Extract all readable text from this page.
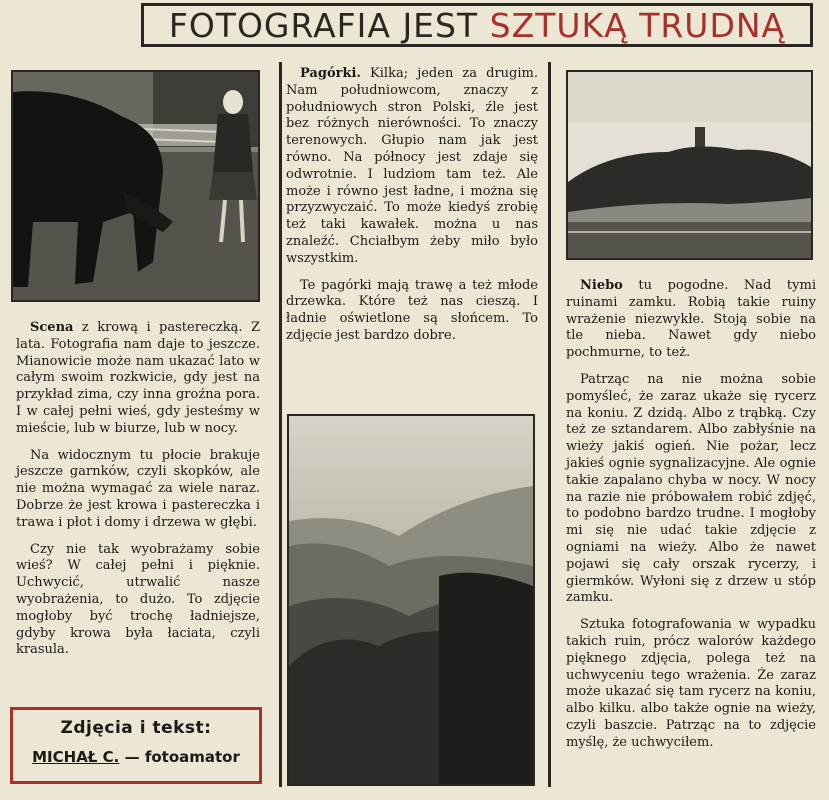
FOTOGRAFIA JEST SZTUKĄ TRUDNĄ

Scena z krową i pastereczką. Z lata. Fotografia nam daje to jeszcze. Mianowicie może nam ukazać lato w całym swoim rozkwicie, gdy jest na przykład zima, czy inna groźna pora. I w całej pełni wieś, gdy jesteśmy w mieście, lub w biurze, lub w nocy.

Na widocznym tu płocie brakuje jeszcze garnków, czyli skopków, ale nie można wymagać za wiele naraz. Dobrze że jest krowa i pastereczka i trawa i płot i domy i drzewa w głębi.

Czy nie tak wyobrażamy sobie wieś? W całej pełni i pięknie. Uchwycić, utrwalić nasze wyobrażenia, to dużo. To zdjęcie mogłoby być trochę ładniejsze, gdyby krowa była łaciata, czyli krasula.

Zdjęcia i tekst:
MICHAŁ C. — fotoamator

Pagórki. Kilka; jeden za drugim. Nam południowcom, znaczy z południowych stron Polski, źle jest bez różnych nierówności. To znaczy terenowych. Głupio nam jak jest równo. Na północy jest zdaje się odwrotnie. I ludziom tam też. Ale może i równo jest ładne, i można się przyzwyczaić. To może kiedyś zrobię też taki kawałek. można u nas znaleźć. Chciałbym żeby miło było wszystkim.

Te pagórki mają trawę a też młode drzewka. Które też nas cieszą. I ładnie oświetlone są słońcem. To zdjęcie jest bardzo dobre.

Niebo tu pogodne. Nad tymi ruinami zamku. Robią takie ruiny wrażenie niezwykłe. Stoją sobie na tle nieba. Nawet gdy niebo pochmurne, to też.

Patrząc na nie można sobie pomyśleć, że zaraz ukaże się rycerz na koniu. Z dzidą. Albo z trąbką. Czy też ze sztandarem. Albo zabłyśnie na wieży jakiś ogień. Nie pożar, lecz jakieś ognie sygnalizacyjne. Ale ognie takie zapalano chyba w nocy. W nocy na razie nie próbowałem robić zdjęć, to podobno bardzo trudne. I mogłoby mi się nie udać takie zdjęcie z ogniami na wieży. Albo że nawet pojawi się cały orszak rycerzy, i giermków. Wyłoni się z drzew u stóp zamku.

Sztuka fotografowania w wypadku takich ruin, prócz walorów każdego pięknego zdjęcia, polega też na uchwyceniu tego wrażenia. Że zaraz może ukazać się tam rycerz na koniu, albo kilku. albo także ognie na wieży, czyli baszcie. Patrząc na to zdjęcie myślę, że uchwyciłem.
